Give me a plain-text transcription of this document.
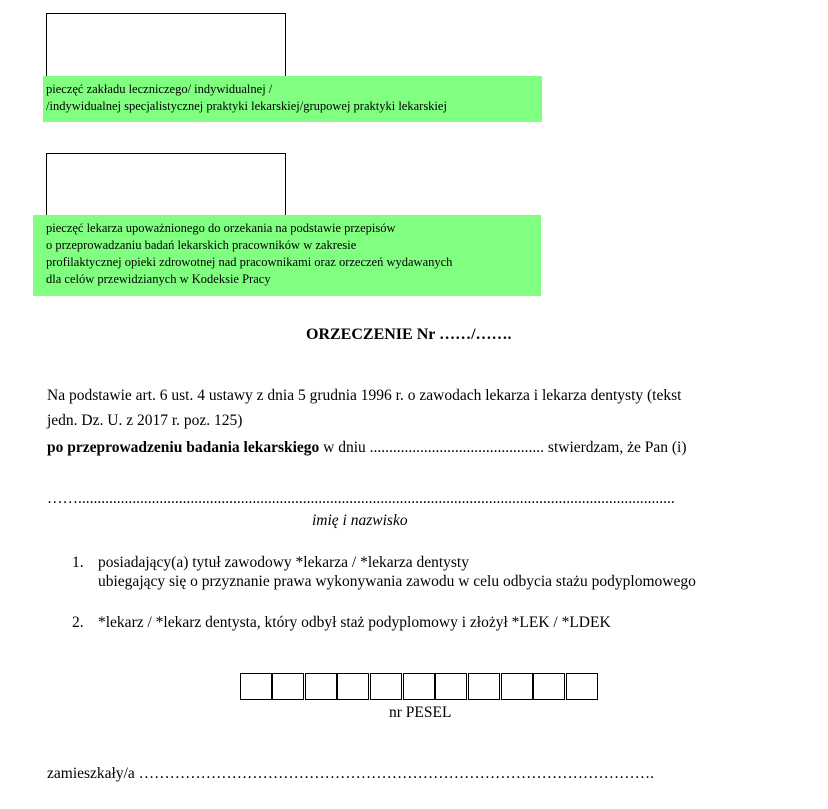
pieczęć zakładu leczniczego/ indywidualnej /
/indywidualnej specjalistycznej praktyki lekarskiej/grupowej praktyki lekarskiej
pieczęć lekarza upoważnionego do orzekania na podstawie przepisów
o przeprowadzaniu badań lekarskich pracowników w zakresie
profilaktycznej opieki zdrowotnej nad pracownikami oraz orzeczeń wydawanych
dla celów przewidzianych w Kodeksie Pracy
ORZECZENIE Nr ……/…….
Na podstawie art. 6 ust. 4 ustawy z dnia 5 grudnia 1996 r. o zawodach lekarza i lekarza dentysty (tekst
jedn. Dz. U. z 2017 r. poz. 125)
po przeprowadzeniu badania lekarskiego w dniu ............................................. stwierdzam, że Pan (i)
……..........................................................................................................................................................
imię i nazwisko
1. posiadający(a) tytuł zawodowy *lekarza / *lekarza dentysty
ubiegający się o przyznanie prawa wykonywania zawodu w celu odbycia stażu podyplomowego
2. *lekarz / *lekarz dentysta, który odbył staż podyplomowy i złożył *LEK / *LDEK
nr PESEL
zamieszkały/a ……………………………………………………………………………………….
